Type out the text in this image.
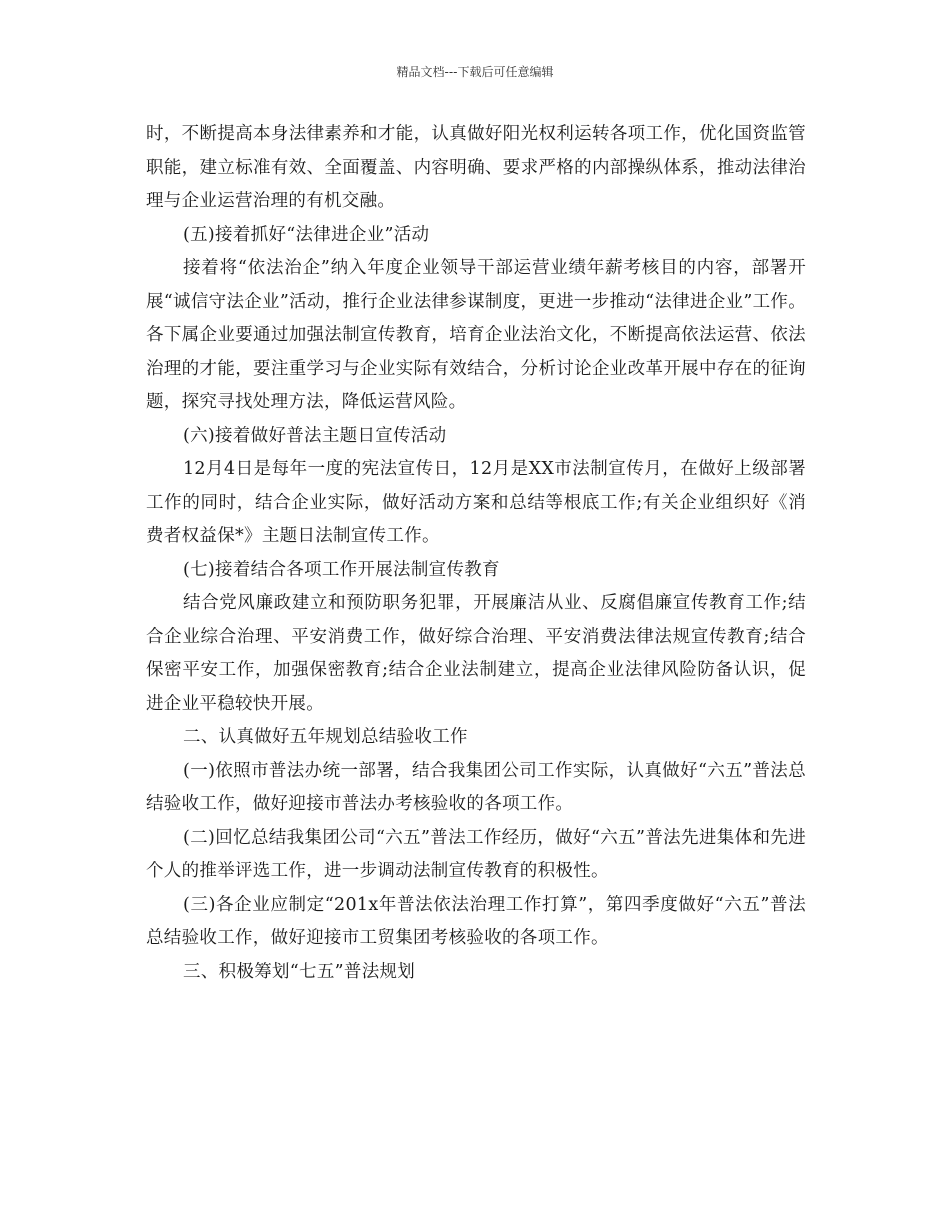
精品文档---下载后可任意编辑

时，不断提高本身法律素养和才能，认真做好阳光权利运转各项工作，优化国资监管职能，建立标准有效、全面覆盖、内容明确、要求严格的内部操纵体系，推动法律治理与企业运营治理的有机交融。

(五)接着抓好“法律进企业”活动

接着将“依法治企”纳入年度企业领导干部运营业绩年薪考核目的内容，部署开展“诚信守法企业”活动，推行企业法律参谋制度，更进一步推动“法律进企业”工作。各下属企业要通过加强法制宣传教育，培育企业法治文化，不断提高依法运营、依法治理的才能，要注重学习与企业实际有效结合，分析讨论企业改革开展中存在的征询题，探究寻找处理方法，降低运营风险。

(六)接着做好普法主题日宣传活动

12月4日是每年一度的宪法宣传日，12月是XX市法制宣传月，在做好上级部署工作的同时，结合企业实际，做好活动方案和总结等根底工作;有关企业组织好《消费者权益保*》主题日法制宣传工作。

(七)接着结合各项工作开展法制宣传教育

结合党风廉政建立和预防职务犯罪，开展廉洁从业、反腐倡廉宣传教育工作;结合企业综合治理、平安消费工作，做好综合治理、平安消费法律法规宣传教育;结合保密平安工作，加强保密教育;结合企业法制建立，提高企业法律风险防备认识，促进企业平稳较快开展。

二、认真做好五年规划总结验收工作

(一)依照市普法办统一部署，结合我集团公司工作实际，认真做好“六五”普法总结验收工作，做好迎接市普法办考核验收的各项工作。

(二)回忆总结我集团公司“六五”普法工作经历，做好“六五”普法先进集体和先进个人的推举评选工作，进一步调动法制宣传教育的积极性。

(三)各企业应制定“201x年普法依法治理工作打算”，第四季度做好“六五”普法总结验收工作，做好迎接市工贸集团考核验收的各项工作。

三、积极筹划“七五”普法规划
